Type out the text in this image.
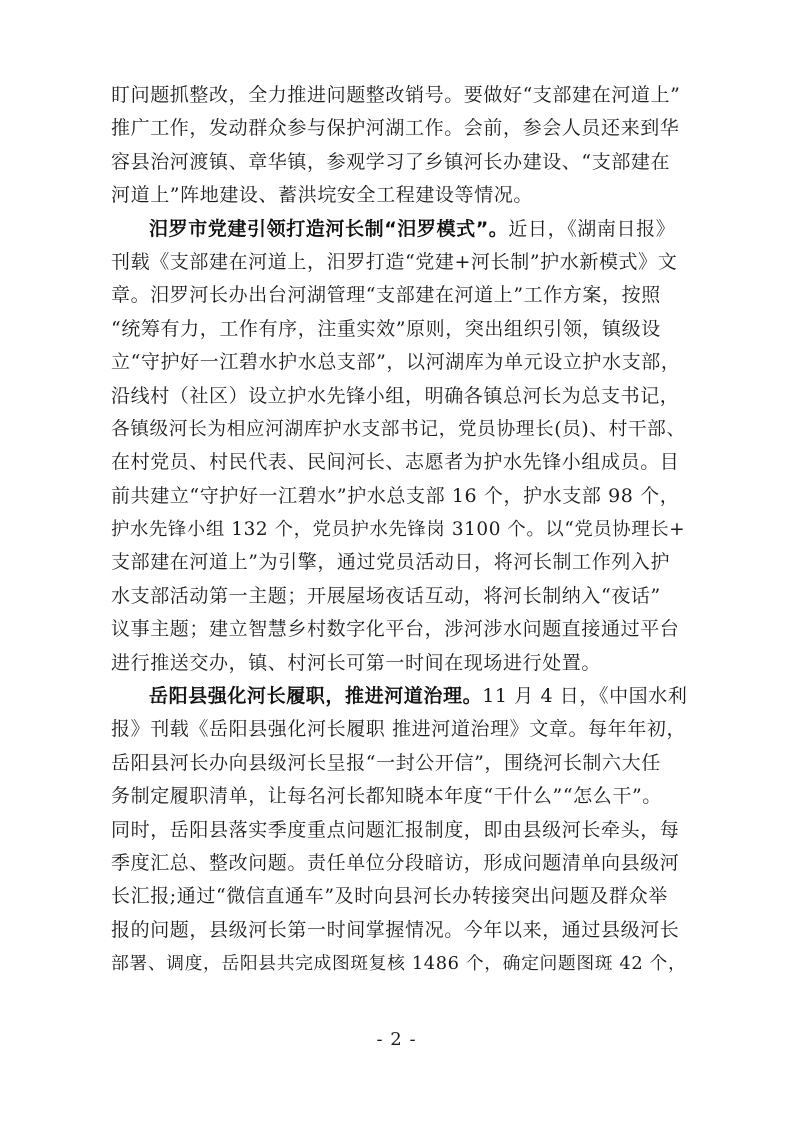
盯问题抓整改，全力推进问题整改销号。要做好“支部建在河道上”
推广工作，发动群众参与保护河湖工作。会前，参会人员还来到华
容县治河渡镇、章华镇，参观学习了乡镇河长办建设、“支部建在
河道上”阵地建设、蓄洪垸安全工程建设等情况。
汨罗市党建引领打造河长制“汨罗模式”。近日，《湖南日报》
刊载《支部建在河道上，汨罗打造“党建+河长制”护水新模式》文
章。汨罗河长办出台河湖管理“支部建在河道上”工作方案，按照
“统筹有力，工作有序，注重实效”原则，突出组织引领，镇级设
立“守护好一江碧水护水总支部”，以河湖库为单元设立护水支部，
沿线村（社区）设立护水先锋小组，明确各镇总河长为总支书记，
各镇级河长为相应河湖库护水支部书记，党员协理长(员)、村干部、
在村党员、村民代表、民间河长、志愿者为护水先锋小组成员。目
前共建立“守护好一江碧水”护水总支部 16 个，护水支部 98 个，
护水先锋小组 132 个，党员护水先锋岗 3100 个。以“党员协理长+
支部建在河道上”为引擎，通过党员活动日，将河长制工作列入护
水支部活动第一主题；开展屋场夜话互动，将河长制纳入“夜话”
议事主题；建立智慧乡村数字化平台，涉河涉水问题直接通过平台
进行推送交办，镇、村河长可第一时间在现场进行处置。
岳阳县强化河长履职，推进河道治理。11 月 4 日，《中国水利
报》刊载《岳阳县强化河长履职 推进河道治理》文章。每年年初，
岳阳县河长办向县级河长呈报“一封公开信”，围绕河长制六大任
务制定履职清单，让每名河长都知晓本年度“干什么”“怎么干”。
同时，岳阳县落实季度重点问题汇报制度，即由县级河长牵头，每
季度汇总、整改问题。责任单位分段暗访，形成问题清单向县级河
长汇报;通过“微信直通车”及时向县河长办转接突出问题及群众举
报的问题，县级河长第一时间掌握情况。今年以来，通过县级河长
部署、调度，岳阳县共完成图斑复核 1486 个，确定问题图斑 42 个，
- 2 -
